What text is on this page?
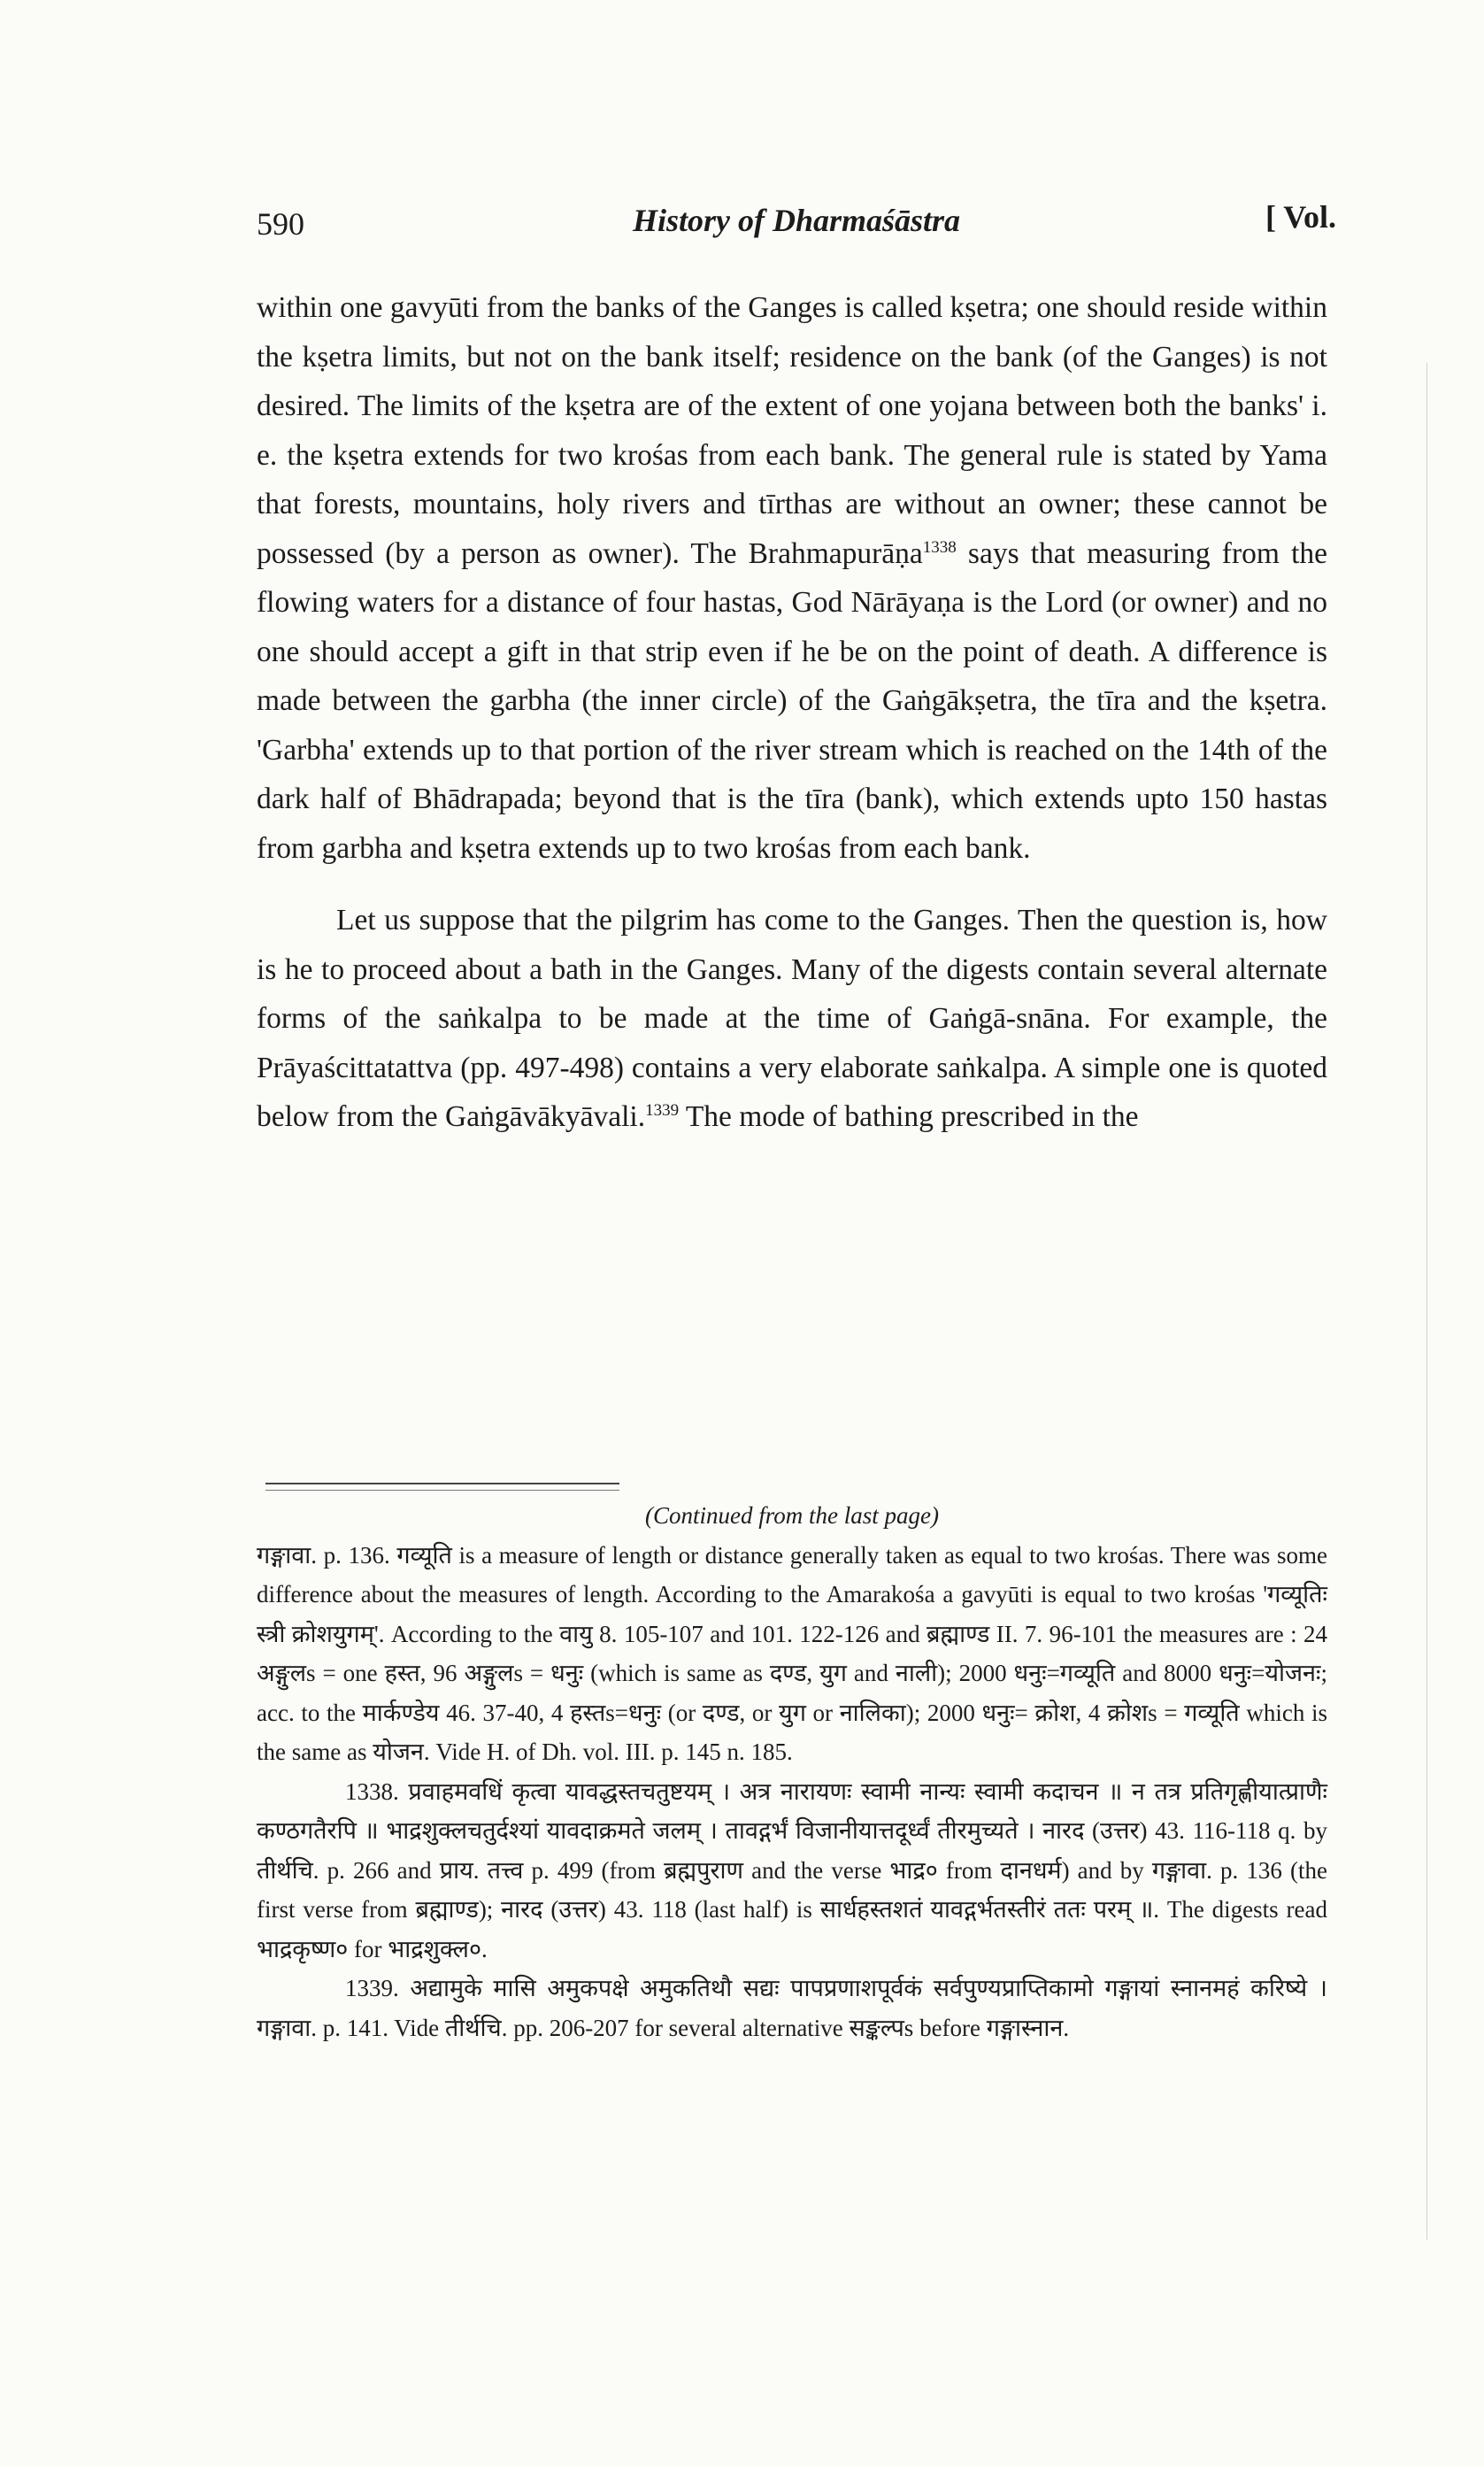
590	History of Dharmaśāstra	[ Vol.

within one gavyūti from the banks of the Ganges is called kṣetra; one should reside within the kṣetra limits, but not on the bank itself; residence on the bank (of the Ganges) is not desired. The limits of the kṣetra are of the extent of one yojana between both the banks' i. e. the kṣetra extends for two krośas from each bank. The general rule is stated by Yama that forests, mountains, holy rivers and tīrthas are without an owner; these cannot be possessed (by a person as owner). The Brahmapurāṇa$^{1338}$ says that measuring from the flowing waters for a distance of four hastas, God Nārāyaṇa is the Lord (or owner) and no one should accept a gift in that strip even if he be on the point of death. A difference is made between the garbha (the inner circle) of the Gaṅgākṣetra, the tīra and the kṣetra. 'Garbha' extends up to that portion of the river stream which is reached on the 14th of the dark half of Bhādrapada; beyond that is the tīra (bank), which extends upto 150 hastas from garbha and kṣetra extends up to two krośas from each bank.

Let us suppose that the pilgrim has come to the Ganges. Then the question is, how is he to proceed about a bath in the Ganges. Many of the digests contain several alternate forms of the saṅkalpa to be made at the time of Gaṅgā-snāna. For example, the Prāyaścittatattva (pp. 497-498) contains a very elaborate saṅkalpa. A simple one is quoted below from the Gaṅgāvākyāvali.$^{1339}$ The mode of bathing prescribed in the

(Continued from the last page)

गङ्गावा. p. 136. गव्यूति is a measure of length or distance generally taken as equal to two krośas. There was some difference about the measures of length. According to the Amarakośa a gavyūti is equal to two krośas 'गव्यूतिः स्त्री क्रोशयुगम्'. According to the वायु 8. 105-107 and 101. 122-126 and ब्रह्माण्ड II. 7. 96-101 the measures are : 24 अङ्गुलs = one हस्त, 96 अङ्गुलs = धनुः (which is same as दण्ड, युग and नाली); 2000 धनुः=गव्यूति and 8000 धनुः=योजनः; acc. to the मार्कण्डेय 46. 37-40, 4 हस्तs=धनुः (or दण्ड, or युग or नालिका); 2000 धनुः= क्रोश, 4 क्रोशs = गव्यूति which is the same as योजन. Vide H. of Dh. vol. III. p. 145 n. 185.

1338. प्रवाहमवधिं कृत्वा यावद्धस्तचतुष्टयम् । अत्र नारायणः स्वामी नान्यः स्वामी कदाचन ॥ न तत्र प्रतिगृह्णीयात्प्राणैः कण्ठगतैरपि ॥ भाद्रशुक्लचतुर्दश्यां यावदाक्रमते जलम् । तावद्गर्भं विजानीयात्तदूर्ध्वं तीरमुच्यते । नारद (उत्तर) 43. 116-118 q. by तीर्थचि. p. 266 and प्राय. तत्त्व p. 499 (from ब्रह्मपुराण and the verse भाद्र० from दानधर्म) and by गङ्गावा. p. 136 (the first verse from ब्रह्माण्ड); नारद (उत्तर) 43. 118 (last half) is सार्धहस्तशतं यावद्गर्भतस्तीरं ततः परम् ॥. The digests read भाद्रकृष्ण० for भाद्रशुक्ल०.

1339. अद्यामुके मासि अमुकपक्षे अमुकतिथौ सद्यः पापप्रणाशपूर्वकं सर्वपुण्यप्राप्तिकामो गङ्गायां स्नानमहं करिष्ये । गङ्गावा. p. 141. Vide तीर्थचि. pp. 206-207 for several alternative सङ्कल्पs before गङ्गास्नान.
